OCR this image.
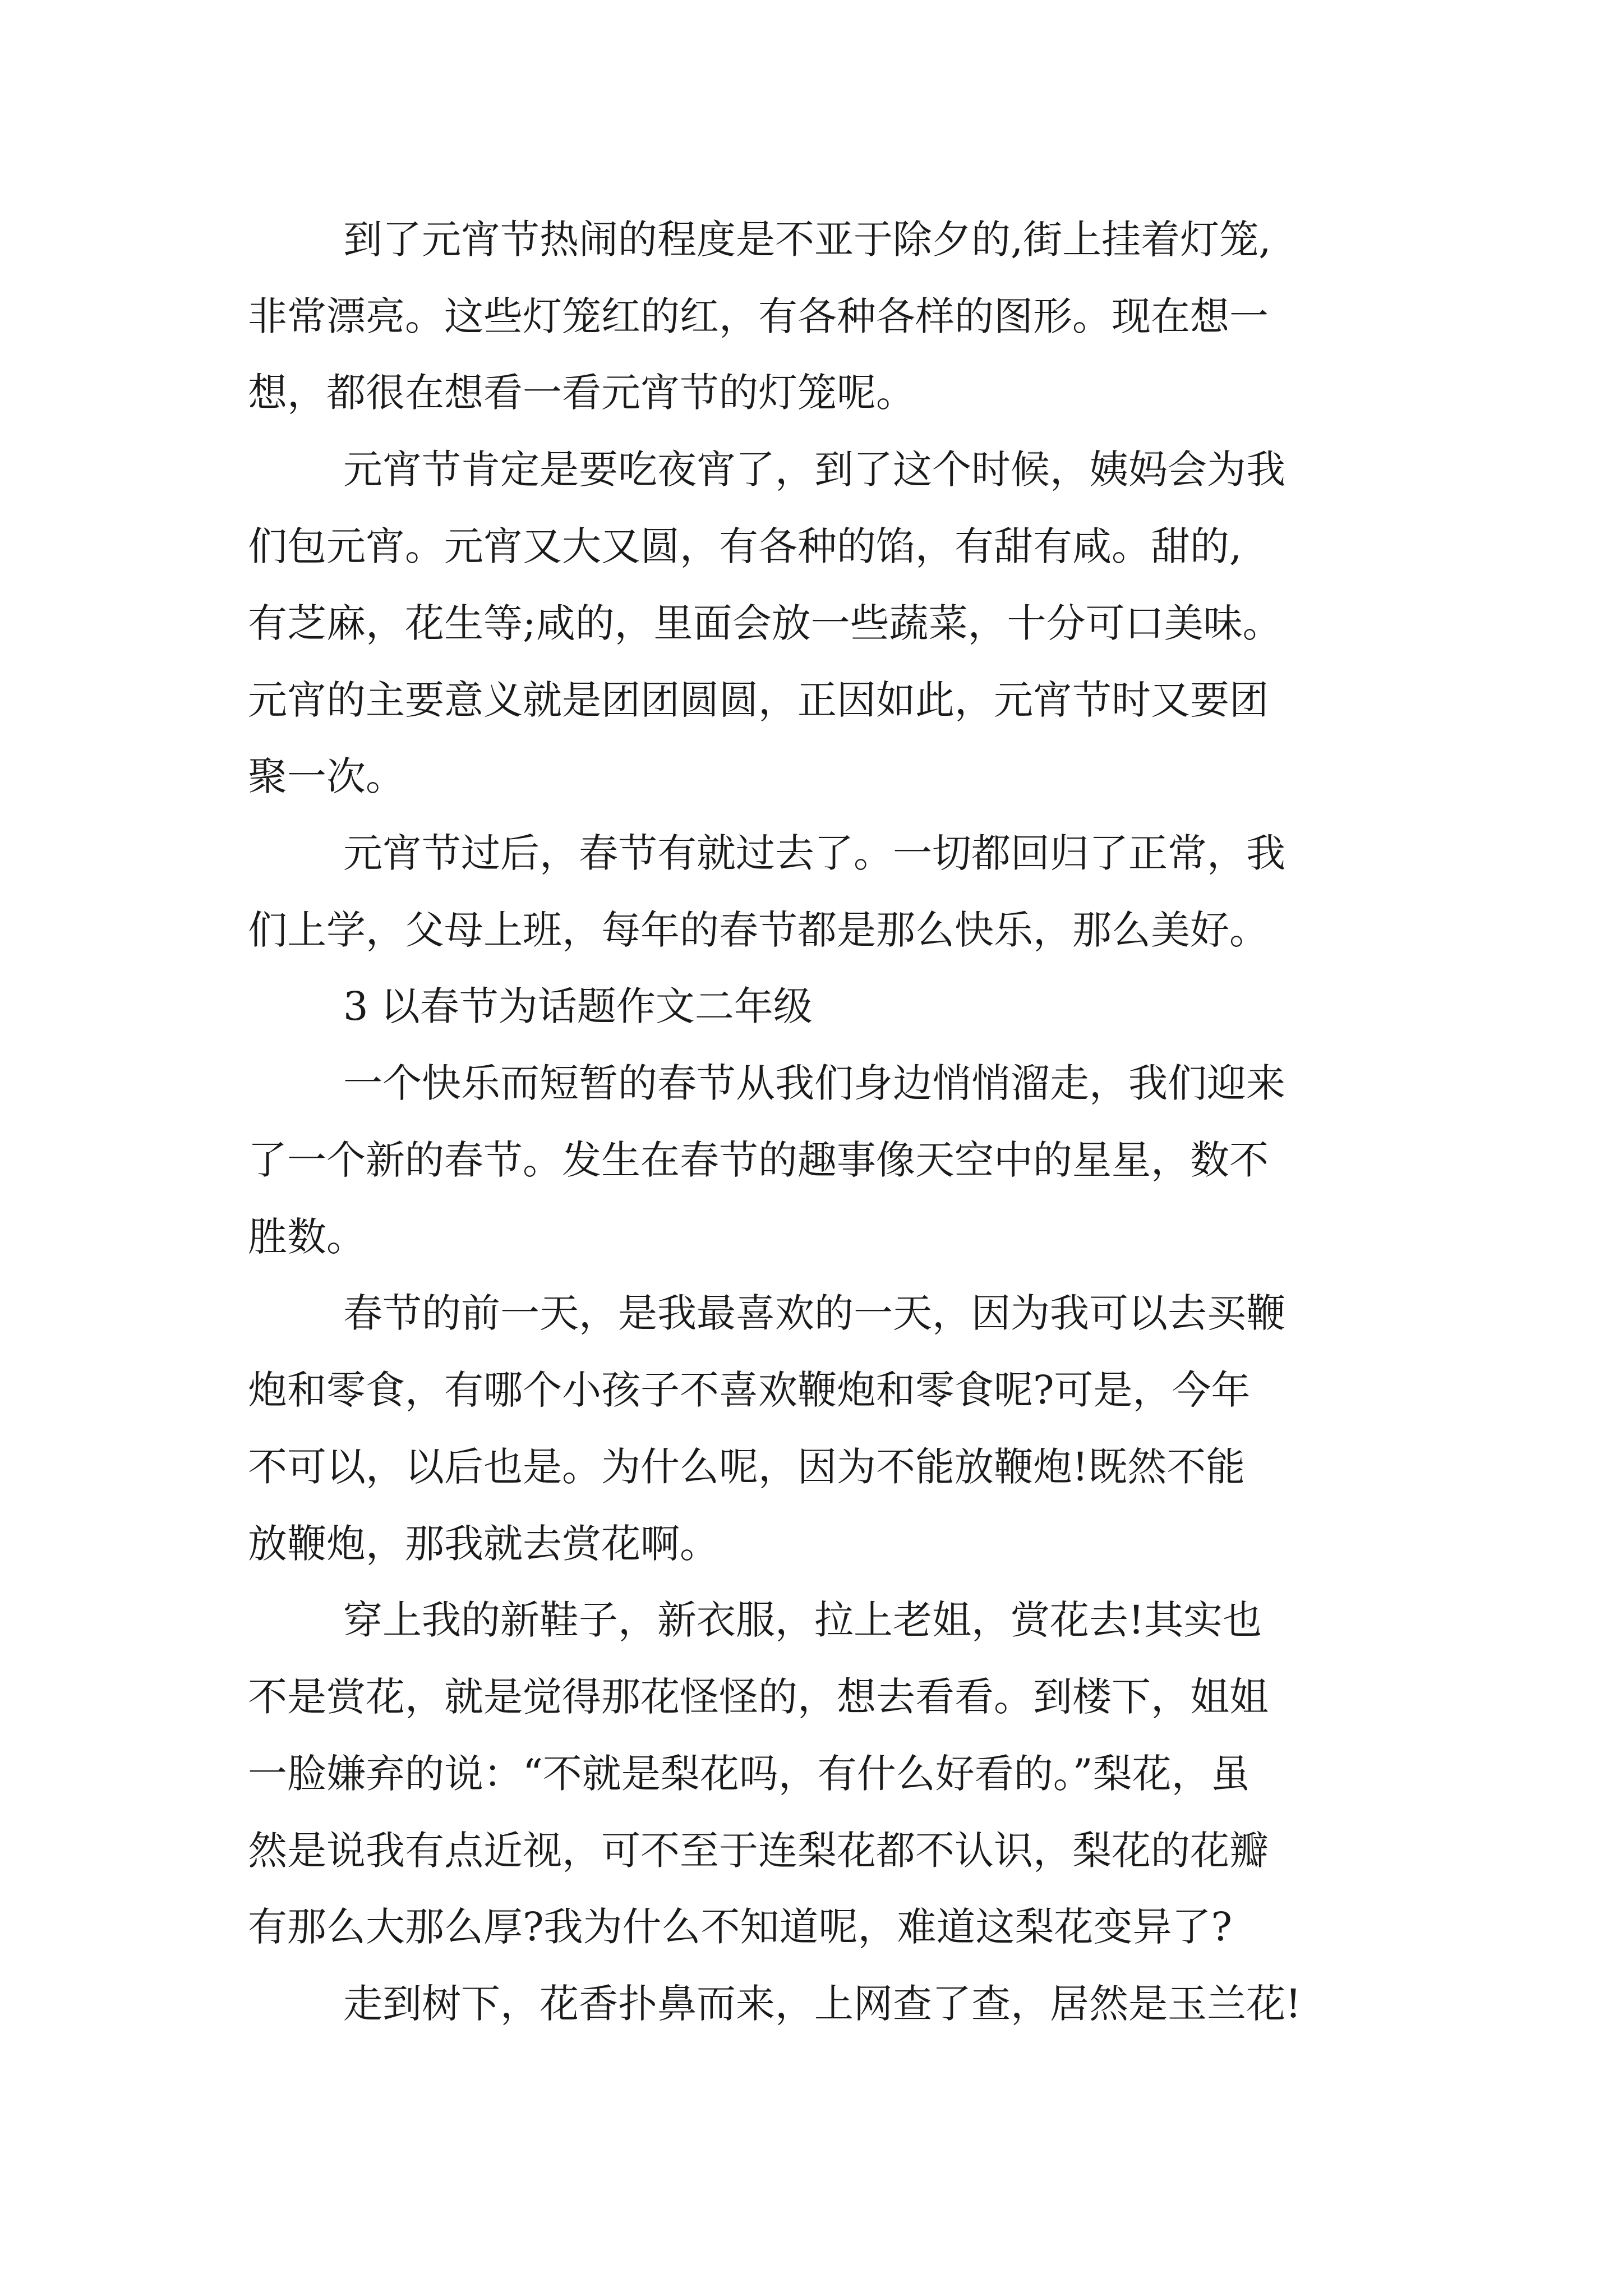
到了元宵节热闹的程度是不亚于除夕的,街上挂着灯笼,

非常漂亮。这些灯笼红的红，有各种各样的图形。现在想一

想，都很在想看一看元宵节的灯笼呢。

元宵节肯定是要吃夜宵了，到了这个时候，姨妈会为我

们包元宵。元宵又大又圆，有各种的馅，有甜有咸。甜的,

有芝麻，花生等;咸的，里面会放一些蔬菜，十分可口美味。

元宵的主要意义就是团团圆圆，正因如此，元宵节时又要团

聚一次。

元宵节过后，春节有就过去了。一切都回归了正常，我

们上学，父母上班，每年的春节都是那么快乐，那么美好。

3 以春节为话题作文二年级

一个快乐而短暂的春节从我们身边悄悄溜走，我们迎来

了一个新的春节。发生在春节的趣事像天空中的星星，数不

胜数。

春节的前一天，是我最喜欢的一天，因为我可以去买鞭

炮和零食，有哪个小孩子不喜欢鞭炮和零食呢?可是，今年

不可以，以后也是。为什么呢，因为不能放鞭炮!既然不能

放鞭炮，那我就去赏花啊。

穿上我的新鞋子，新衣服，拉上老姐，赏花去!其实也

不是赏花，就是觉得那花怪怪的，想去看看。到楼下，姐姐

一脸嫌弃的说：“不就是梨花吗，有什么好看的。”梨花，虽

然是说我有点近视，可不至于连梨花都不认识，梨花的花瓣

有那么大那么厚?我为什么不知道呢，难道这梨花变异了?

走到树下，花香扑鼻而来，上网查了查，居然是玉兰花!
